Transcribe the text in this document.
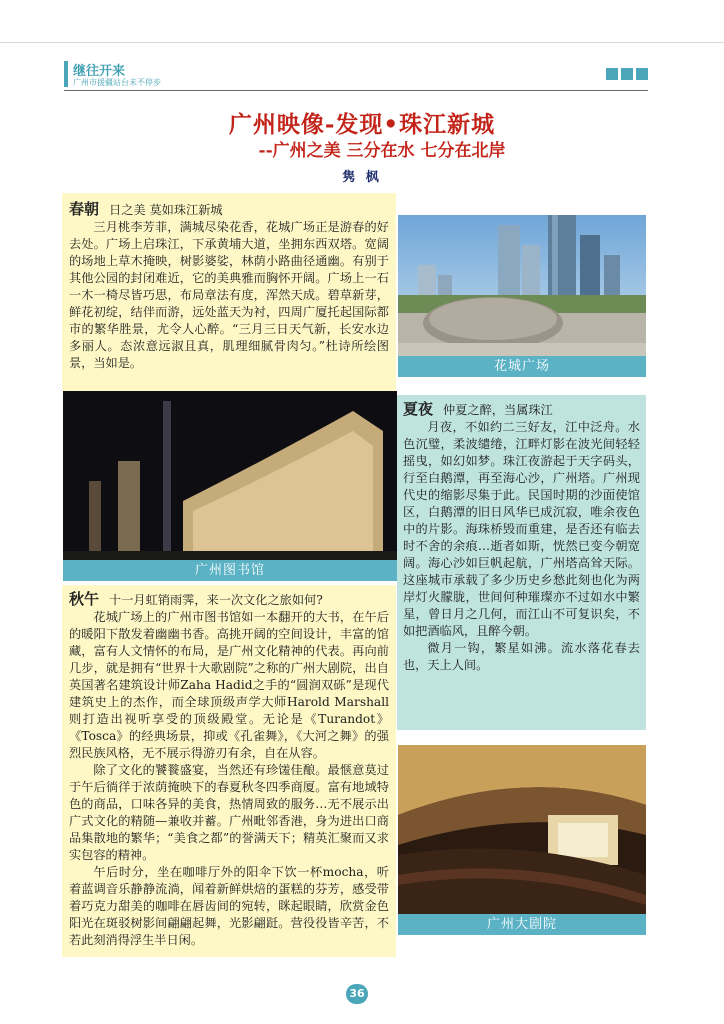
继往开来
广州市援疆站台未不停步
广州映像-发现•珠江新城
--广州之美 三分在水 七分在北岸
隽 枫

春朝 日之美 莫如珠江新城

三月桃李芳菲，满城尽染花香，花城广场正是游春的好去处。广场上启珠江，下承黄埔大道，坐拥东西双塔。宽阔的场地上草木掩映，树影婆娑，林荫小路曲径通幽。有别于其他公园的封闭难近，它的美典雅而胸怀开阔。广场上一石一木一椅尽皆巧思，布局章法有度，浑然天成。碧草新芽，鲜花初绽，结伴而游，远处蓝天为衬，四周广厦托起国际都市的繁华胜景，尤令人心醉。“三月三日天气新，长安水边多丽人。态浓意远淑且真，肌理细腻骨肉匀。”杜诗所绘图景，当如是。	花城广场
广州图书馆

夏夜 仲夏之醉，当属珠江

月夜，不如约二三好友，江中泛舟。水色沉璧，柔波缱绻，江畔灯影在波光间轻轻摇曳，如幻如梦。珠江夜游起于天字码头，行至白鹅潭，再至海心沙，广州塔。广州现代史的缩影尽集于此。民国时期的沙面使馆区，白鹅潭的旧日风华已成沉寂，唯余夜色中的片影。海珠桥毁而重建，是否还有临去时不舍的余痕…逝者如斯，恍然已变今朝宽阔。海心沙如巨帆起航，广州塔高耸天际。这座城市承载了多少历史乡愁此刻也化为两岸灯火朦胧，世间何种璀璨亦不过如水中繁星，曾日月之几何，而江山不可复识矣，不如把酒临风，且醉今朝。

微月一钩，繁星如沸。流水落花春去也，天上人间。

秋午 十一月虹销雨霁，来一次文化之旅如何?

花城广场上的广州市图书馆如一本翻开的大书，在午后的暖阳下散发着幽幽书香。高挑开阔的空间设计，丰富的馆藏，富有人文情怀的布局，是广州文化精神的代表。再向前几步，就是拥有“世界十大歌剧院”之称的广州大剧院，出自英国著名建筑设计师Zaha Hadid之手的“圆润双砾”是现代建筑史上的杰作，而全球顶级声学大师Harold Marshall则打造出视听享受的顶级殿堂。无论是《Turandot》《Tosca》的经典场景，抑或《孔雀舞》，《大河之舞》的强烈民族风格，无不展示得游刃有余，自在从容。

除了文化的饕餮盛宴，当然还有珍馐佳酿。最惬意莫过于午后徜徉于浓荫掩映下的春夏秋冬四季商厦。富有地域特色的商品，口味各异的美食，热情周致的服务…无不展示出广式文化的精随—兼收并蓄。广州毗邻香港，身为进出口商品集散地的繁华；“美食之都”的誉满天下；精英汇聚而又求实包容的精神。

午后时分，坐在咖啡厅外的阳伞下饮一杯mocha，听着蓝调音乐静静流淌，闻着新鲜烘焙的蛋糕的芬芳，感受带着巧克力甜美的咖啡在唇齿间的宛转，眯起眼睛，欣赏金色阳光在斑驳树影间翩翩起舞，光影翩跹。营役役皆辛苦，不若此刻消得浮生半日闲。

广州大剧院
36
